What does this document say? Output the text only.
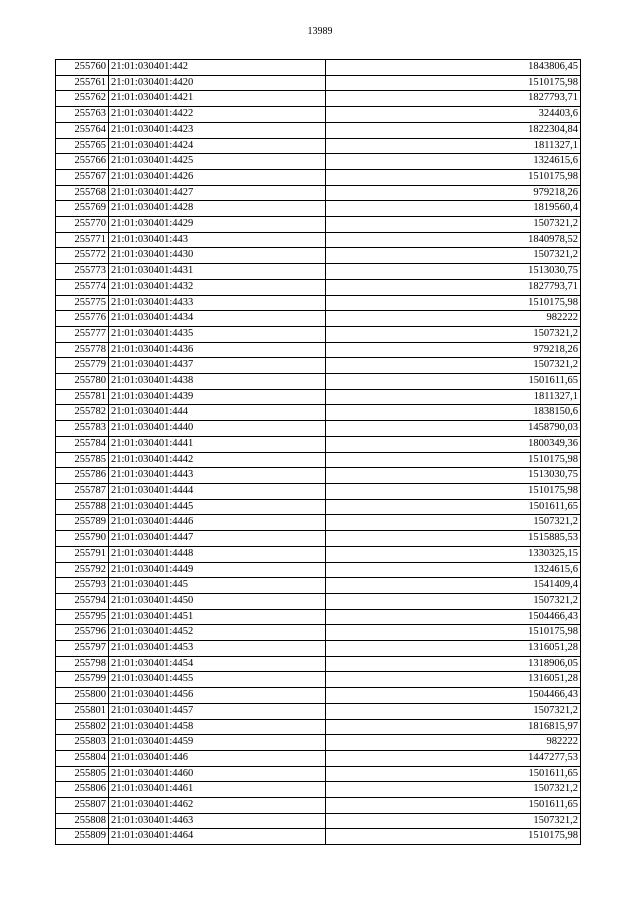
13989
255760	21:01:030401:442	1843806,45
255761	21:01:030401:4420	1510175,98
255762	21:01:030401:4421	1827793,71
255763	21:01:030401:4422	324403,6
255764	21:01:030401:4423	1822304,84
255765	21:01:030401:4424	1811327,1
255766	21:01:030401:4425	1324615,6
255767	21:01:030401:4426	1510175,98
255768	21:01:030401:4427	979218,26
255769	21:01:030401:4428	1819560,4
255770	21:01:030401:4429	1507321,2
255771	21:01:030401:443	1840978,52
255772	21:01:030401:4430	1507321,2
255773	21:01:030401:4431	1513030,75
255774	21:01:030401:4432	1827793,71
255775	21:01:030401:4433	1510175,98
255776	21:01:030401:4434	982222
255777	21:01:030401:4435	1507321,2
255778	21:01:030401:4436	979218,26
255779	21:01:030401:4437	1507321,2
255780	21:01:030401:4438	1501611,65
255781	21:01:030401:4439	1811327,1
255782	21:01:030401:444	1838150,6
255783	21:01:030401:4440	1458790,03
255784	21:01:030401:4441	1800349,36
255785	21:01:030401:4442	1510175,98
255786	21:01:030401:4443	1513030,75
255787	21:01:030401:4444	1510175,98
255788	21:01:030401:4445	1501611,65
255789	21:01:030401:4446	1507321,2
255790	21:01:030401:4447	1515885,53
255791	21:01:030401:4448	1330325,15
255792	21:01:030401:4449	1324615,6
255793	21:01:030401:445	1541409,4
255794	21:01:030401:4450	1507321,2
255795	21:01:030401:4451	1504466,43
255796	21:01:030401:4452	1510175,98
255797	21:01:030401:4453	1316051,28
255798	21:01:030401:4454	1318906,05
255799	21:01:030401:4455	1316051,28
255800	21:01:030401:4456	1504466,43
255801	21:01:030401:4457	1507321,2
255802	21:01:030401:4458	1816815,97
255803	21:01:030401:4459	982222
255804	21:01:030401:446	1447277,53
255805	21:01:030401:4460	1501611,65
255806	21:01:030401:4461	1507321,2
255807	21:01:030401:4462	1501611,65
255808	21:01:030401:4463	1507321,2
255809	21:01:030401:4464	1510175,98
